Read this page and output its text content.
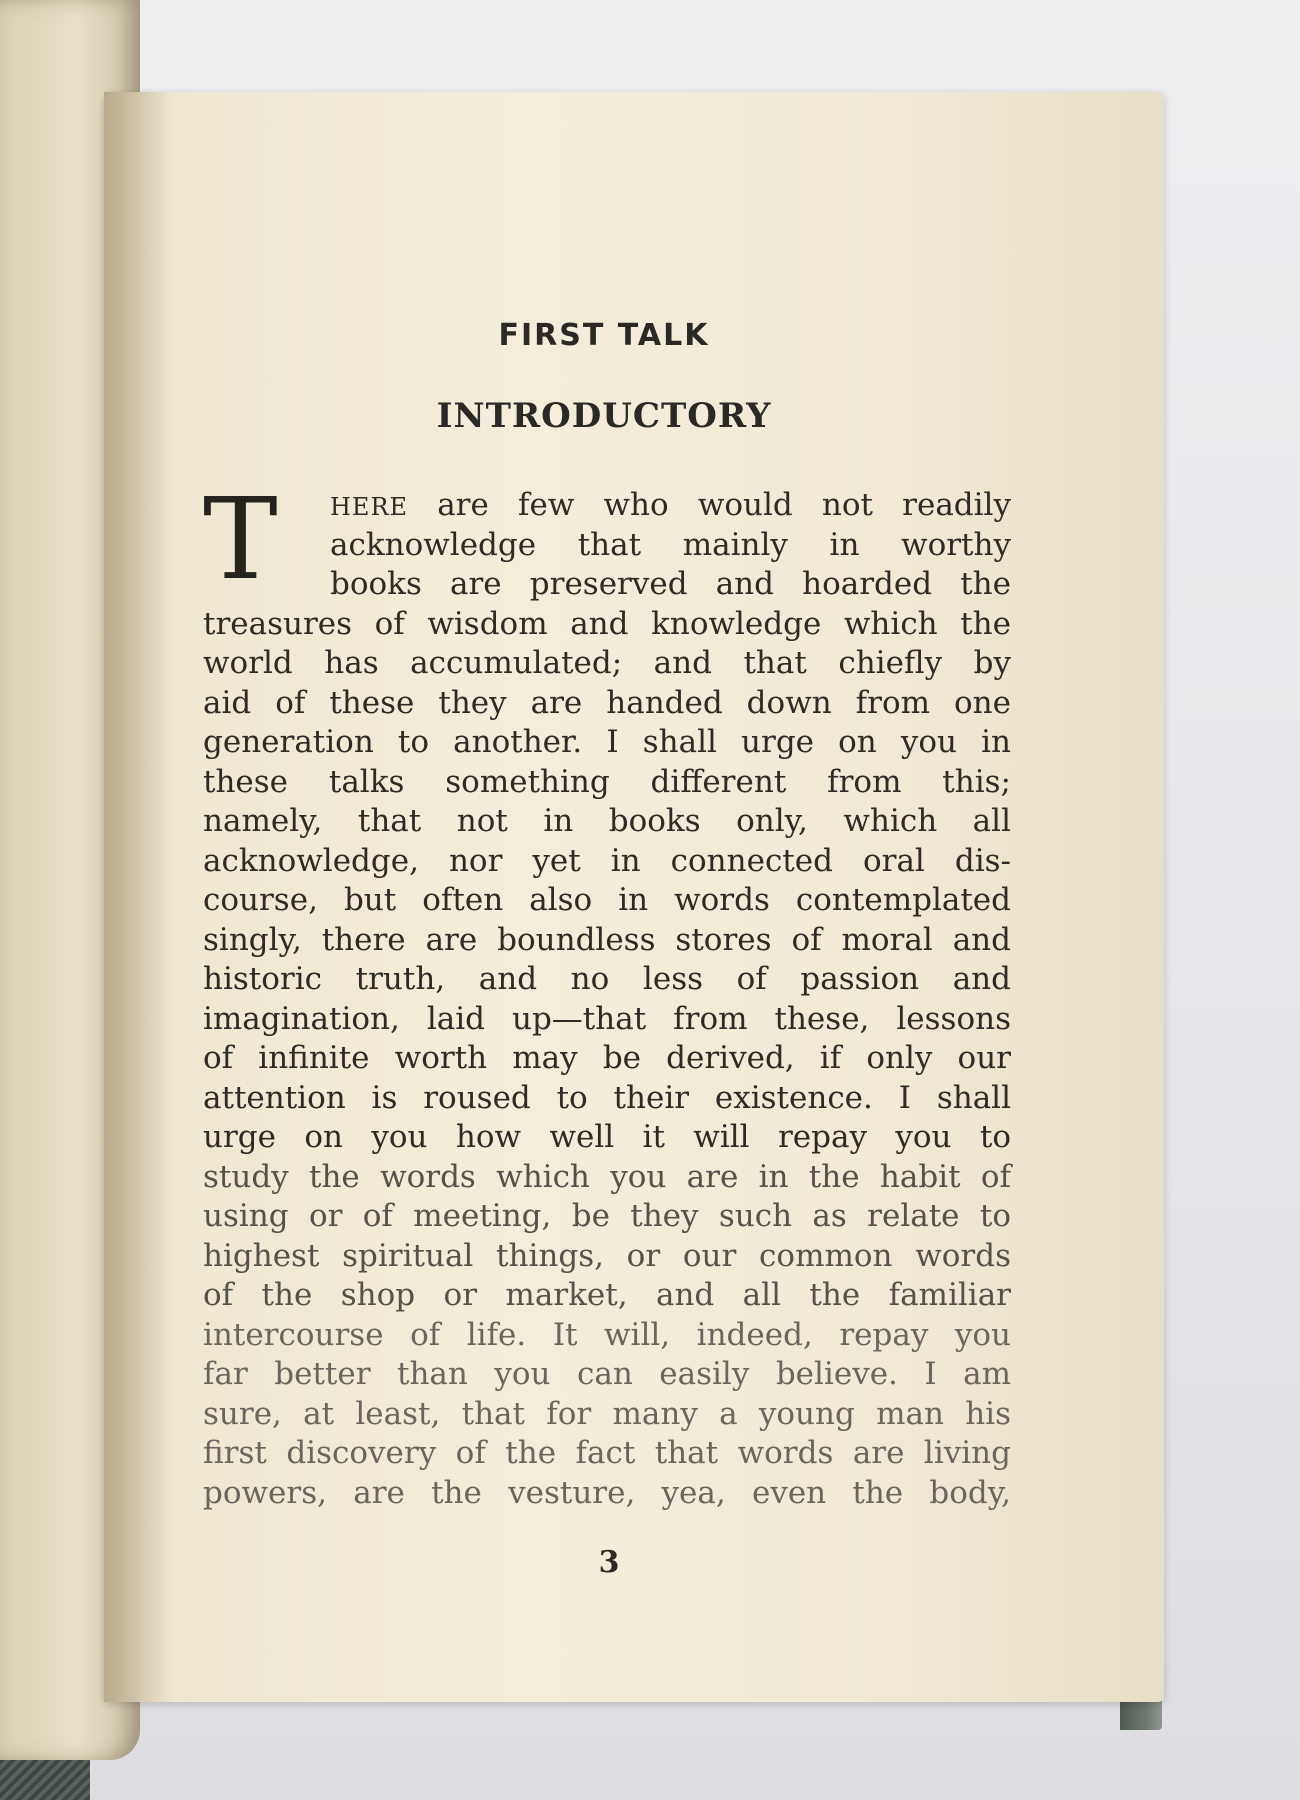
FIRST TALK
INTRODUCTORY
T	HERE are few who would not readily
acknowledge that mainly in worthy
books are preserved and hoarded the
treasures of wisdom and knowledge which the
world has accumulated; and that chiefly by
aid of these they are handed down from one
generation to another. I shall urge on you in
these talks something different from this;
namely, that not in books only, which all
acknowledge, nor yet in connected oral dis-
course, but often also in words contemplated
singly, there are boundless stores of moral and
historic truth, and no less of passion and
imagination, laid up—that from these, lessons
of infinite worth may be derived, if only our
attention is roused to their existence. I shall
urge on you how well it will repay you to
study the words which you are in the habit of
using or of meeting, be they such as relate to
highest spiritual things, or our common words
of the shop or market, and all the familiar
intercourse of life. It will, indeed, repay you
far better than you can easily believe. I am
sure, at least, that for many a young man his
first discovery of the fact that words are living
powers, are the vesture, yea, even the body,
3
